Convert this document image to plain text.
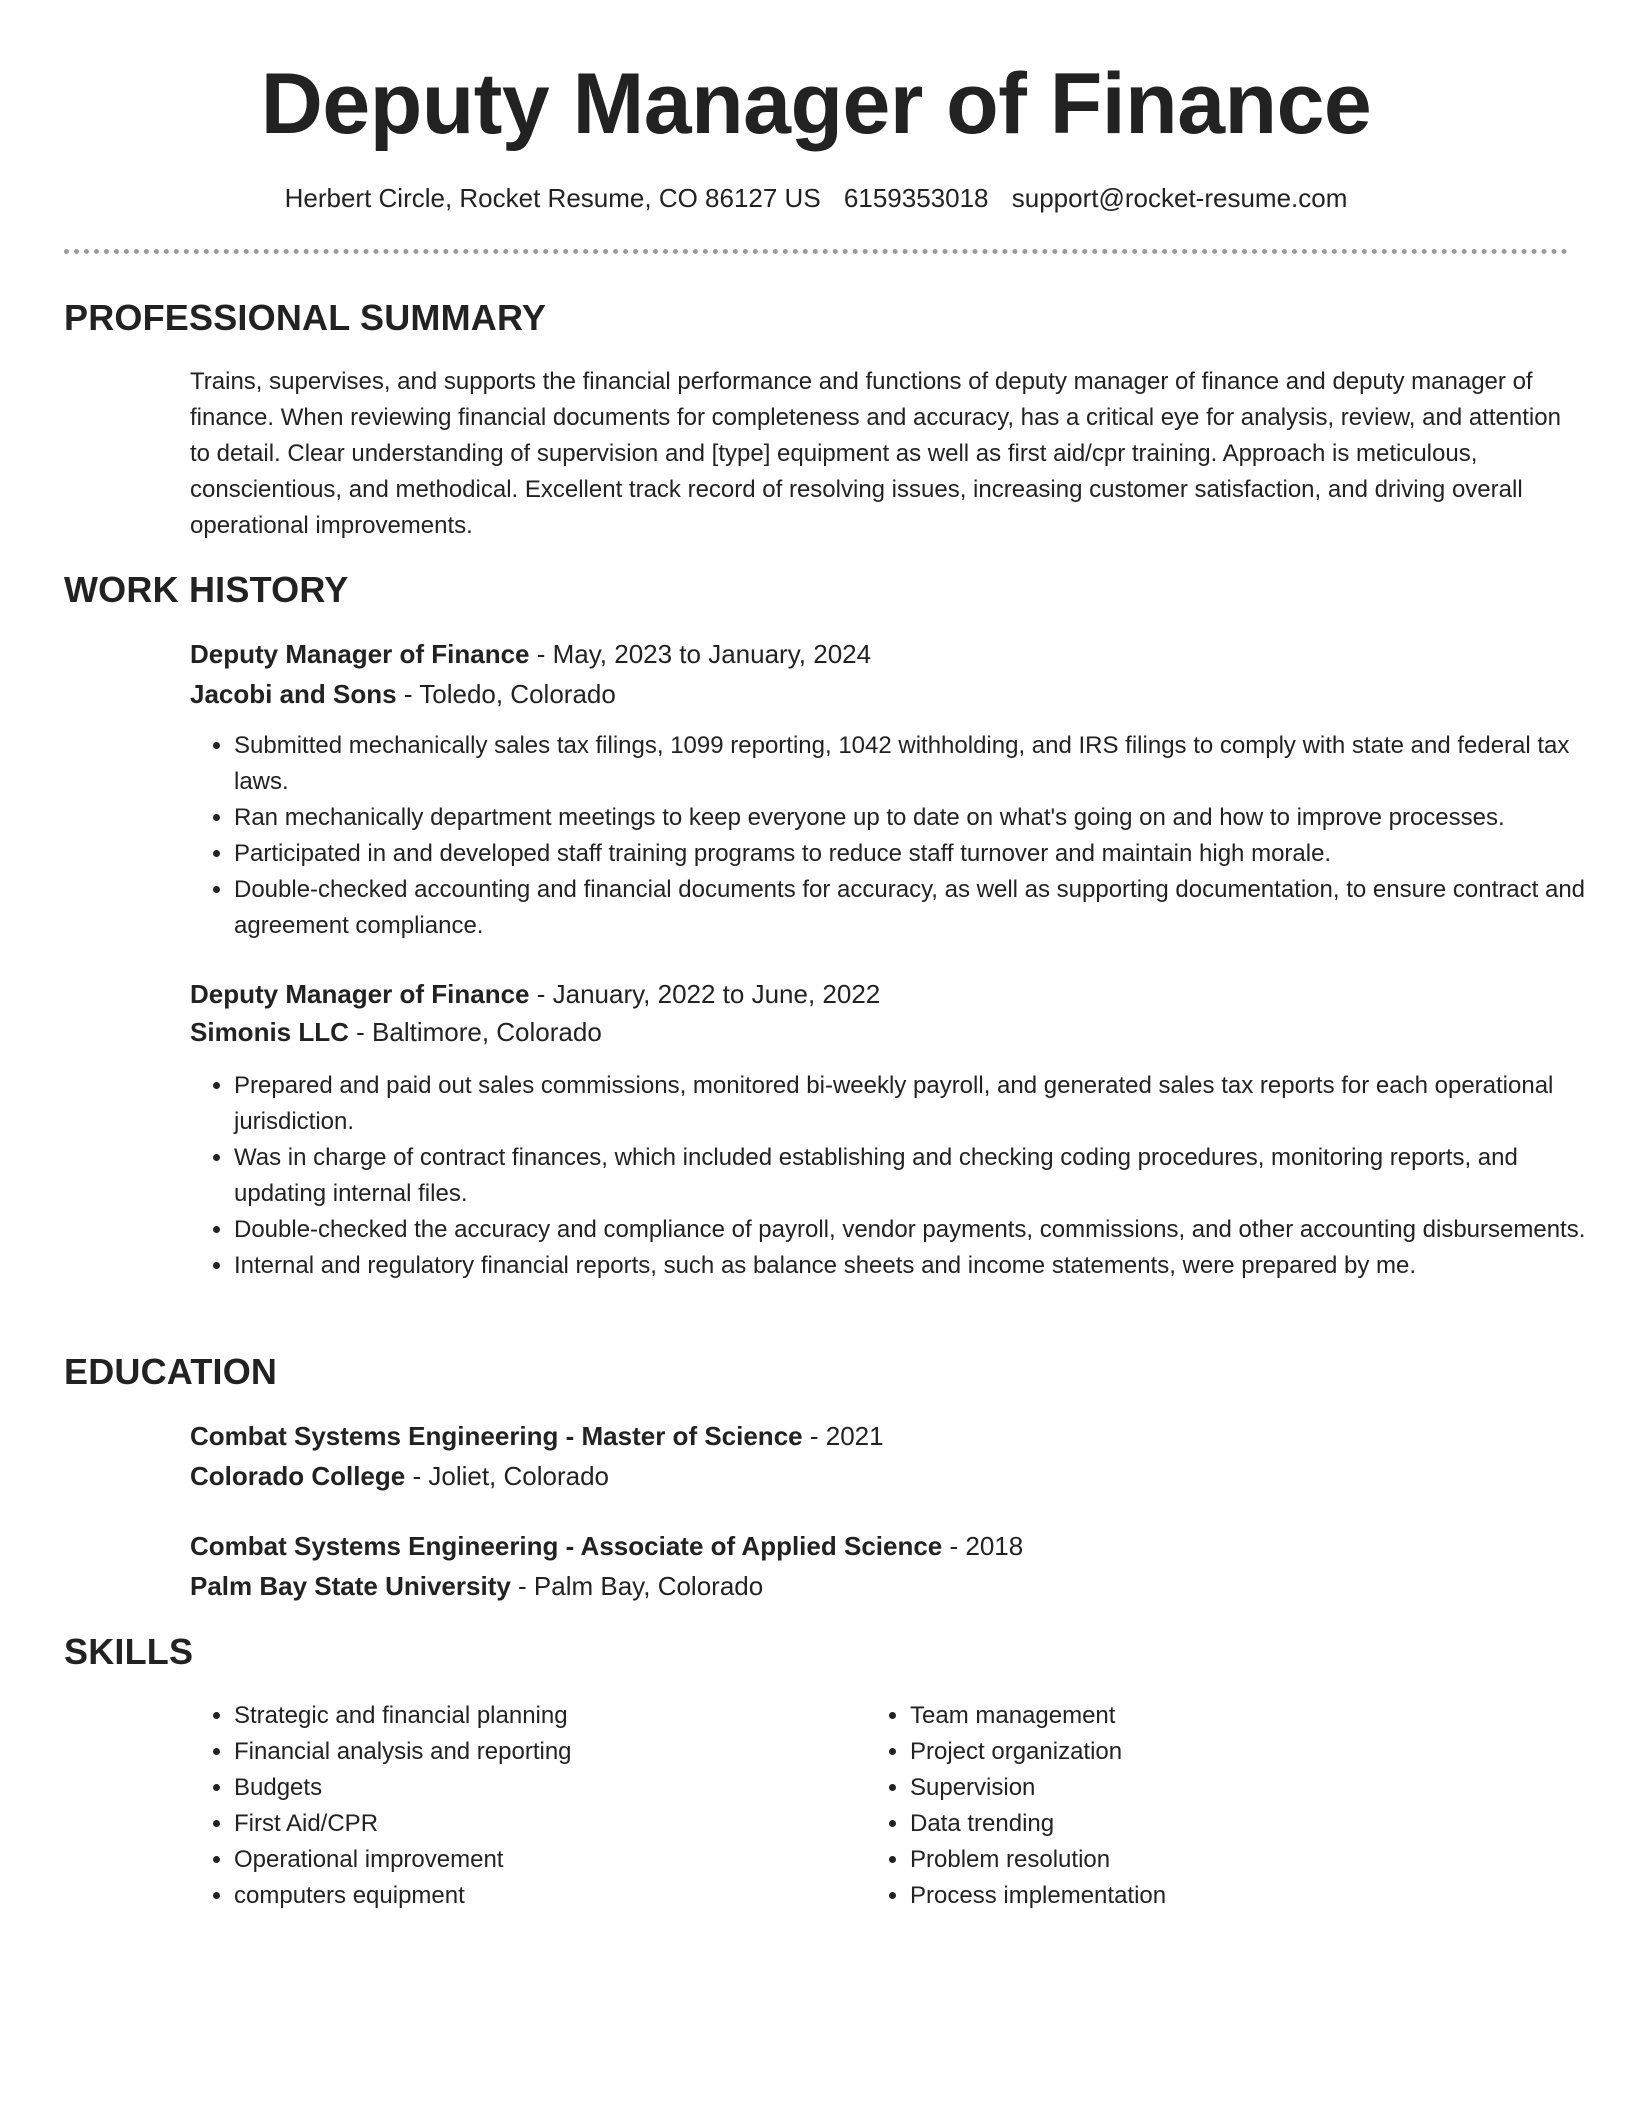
Deputy Manager of Finance
Herbert Circle, Rocket Resume, CO 86127 US 6159353018 support@rocket-resume.com
PROFESSIONAL SUMMARY
Trains, supervises, and supports the financial performance and functions of deputy manager of finance and deputy manager of finance. When reviewing financial documents for completeness and accuracy, has a critical eye for analysis, review, and attention to detail. Clear understanding of supervision and [type] equipment as well as first aid/cpr training. Approach is meticulous, conscientious, and methodical. Excellent track record of resolving issues, increasing customer satisfaction, and driving overall operational improvements.
WORK HISTORY
Deputy Manager of Finance - May, 2023 to January, 2024
Jacobi and Sons - Toledo, Colorado
• Submitted mechanically sales tax filings, 1099 reporting, 1042 withholding, and IRS filings to comply with state and federal tax laws.
• Ran mechanically department meetings to keep everyone up to date on what's going on and how to improve processes.
• Participated in and developed staff training programs to reduce staff turnover and maintain high morale.
• Double-checked accounting and financial documents for accuracy, as well as supporting documentation, to ensure contract and agreement compliance.
Deputy Manager of Finance - January, 2022 to June, 2022
Simonis LLC - Baltimore, Colorado
• Prepared and paid out sales commissions, monitored bi-weekly payroll, and generated sales tax reports for each operational jurisdiction.
• Was in charge of contract finances, which included establishing and checking coding procedures, monitoring reports, and updating internal files.
• Double-checked the accuracy and compliance of payroll, vendor payments, commissions, and other accounting disbursements.
• Internal and regulatory financial reports, such as balance sheets and income statements, were prepared by me.
EDUCATION
Combat Systems Engineering - Master of Science - 2021
Colorado College - Joliet, Colorado
Combat Systems Engineering - Associate of Applied Science - 2018
Palm Bay State University - Palm Bay, Colorado
SKILLS
• Strategic and financial planning
• Financial analysis and reporting
• Budgets
• First Aid/CPR
• Operational improvement
• computers equipment
• Team management
• Project organization
• Supervision
• Data trending
• Problem resolution
• Process implementation
